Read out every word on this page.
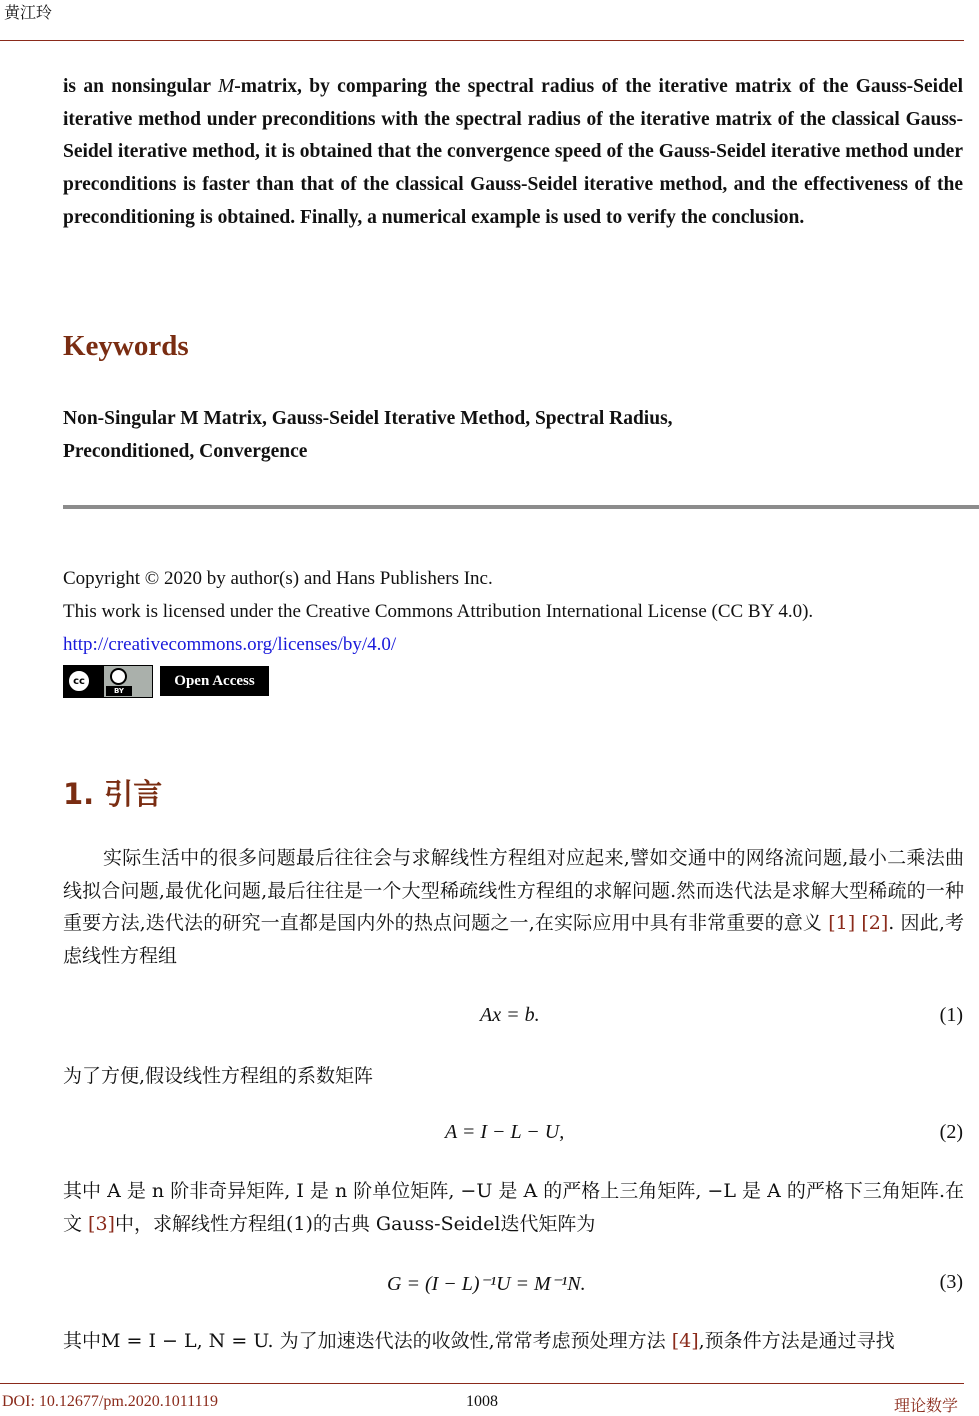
黄江玲
is an nonsingular M-matrix, by comparing the spectral radius of the iterative matrix of the Gauss-Seidel iterative method under preconditions with the spectral radius of the iterative matrix of the classical Gauss-Seidel iterative method, it is obtained that the convergence speed of the Gauss-Seidel iterative method under preconditions is faster than that of the classical Gauss-Seidel iterative method, and the effectiveness of the preconditioning is obtained. Finally, a numerical example is used to verify the conclusion.
Keywords
Non-Singular M Matrix, Gauss-Seidel Iterative Method, Spectral Radius,
Preconditioned, Convergence
Copyright © 2020 by author(s) and Hans Publishers Inc.
This work is licensed under the Creative Commons Attribution International License (CC BY 4.0).
http://creativecommons.org/licenses/by/4.0/
cc
BY
Open Access
1. 引言
实际生活中的很多问题最后往往会与求解线性方程组对应起来,譬如交通中的网络流问题,最小二乘法曲线拟合问题,最优化问题,最后往往是一个大型稀疏线性方程组的求解问题.然而迭代法是求解大型稀疏的一种重要方法,迭代法的研究一直都是国内外的热点问题之一,在实际应用中具有非常重要的意义 [1] [2]. 因此,考虑线性方程组
Ax = b.	(1)
为了方便,假设线性方程组的系数矩阵
A = I − L − U,	(2)
其中 A 是 n 阶非奇异矩阵, I 是 n 阶单位矩阵, −U 是 A 的严格上三角矩阵, −L 是 A 的严格下三角矩阵.在文 [3]中，求解线性方程组(1)的古典 Gauss-Seidel迭代矩阵为
G = (I − L)⁻¹U = M⁻¹N.	(3)
其中M = I − L, N = U. 为了加速迭代法的收敛性,常常考虑预处理方法 [4],预条件方法是通过寻找
DOI: 10.12677/pm.2020.1011119	1008	理论数学
